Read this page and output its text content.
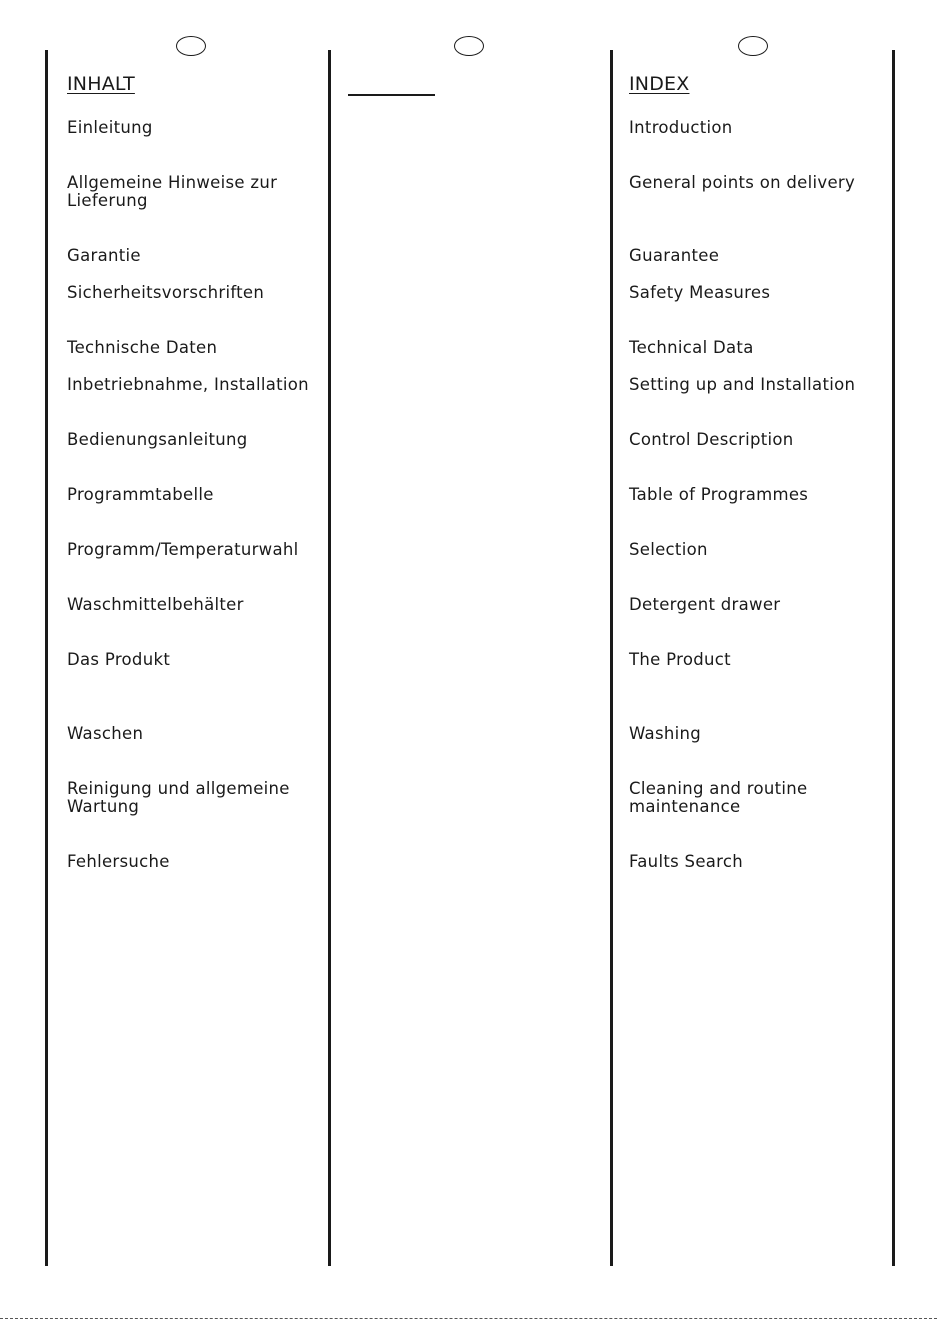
INHALT
Einleitung
Allgemeine Hinweise zur
Lieferung
Garantie
Sicherheitsvorschriften
Technische Daten
Inbetriebnahme, Installation
Bedienungsanleitung
Programmtabelle
Programm/Temperaturwahl
Waschmittelbehälter
Das Produkt
Waschen
Reinigung und allgemeine
Wartung
Fehlersuche
INDEX
Introduction
General points on delivery
Guarantee
Safety Measures
Technical Data
Setting up and Installation
Control Description
Table of Programmes
Selection
Detergent drawer
The Product
Washing
Cleaning and routine
maintenance
Faults Search
